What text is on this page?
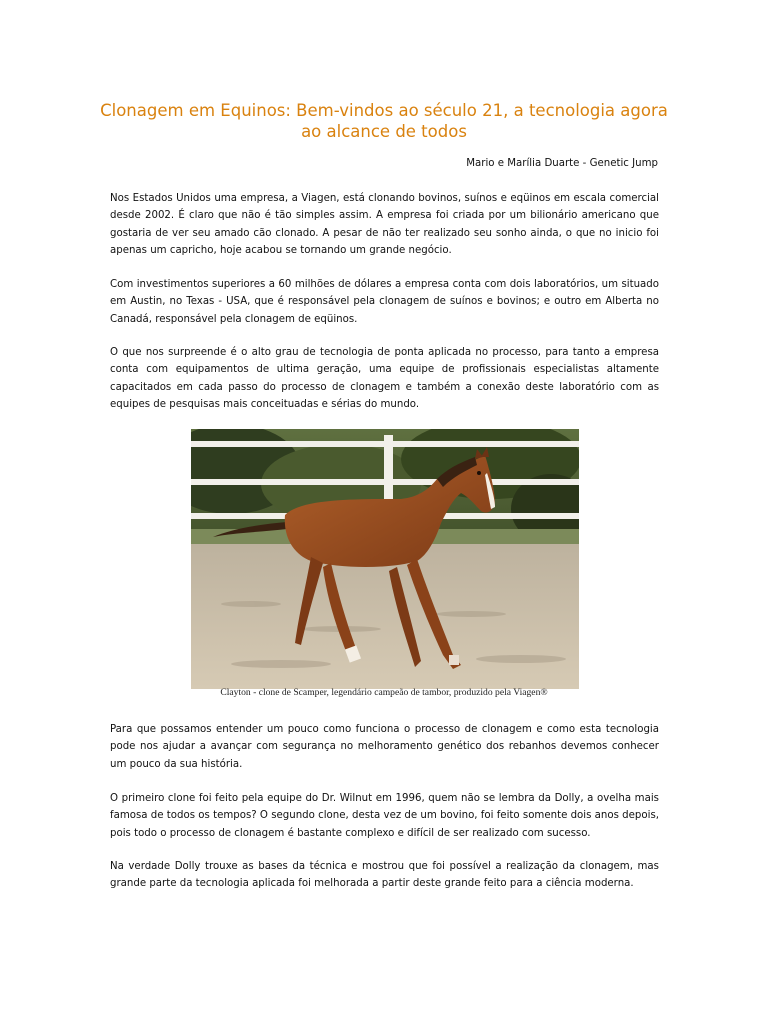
Clonagem em Equinos: Bem-vindos ao século 21, a tecnologia agora ao alcance de todos
Mario e Marília Duarte - Genetic Jump

Nos Estados Unidos uma empresa, a Viagen, está clonando bovinos, suínos e eqüinos em escala comercial desde 2002. É claro que não é tão simples assim. A empresa foi criada por um bilionário americano que gostaria de ver seu amado cão clonado. A pesar de não ter realizado seu sonho ainda, o que no inicio foi apenas um capricho, hoje acabou se tornando um grande negócio.

Com investimentos superiores a 60 milhões de dólares a empresa conta com dois laboratórios, um situado em Austin, no Texas - USA, que é responsável pela clonagem de suínos e bovinos; e outro em Alberta no Canadá, responsável pela clonagem de eqüinos.

O que nos surpreende é o alto grau de tecnologia de ponta aplicada no processo, para tanto a empresa conta com equipamentos de ultima geração, uma equipe de profissionais especialistas altamente capacitados em cada passo do processo de clonagem e também a conexão deste laboratório com as equipes de pesquisas mais conceituadas e sérias do mundo.

Clayton - clone de Scamper, legendário campeão de tambor, produzido pela Viagen®

Para que possamos entender um pouco como funciona o processo de clonagem e como esta tecnologia pode nos ajudar a avançar com segurança no melhoramento genético dos rebanhos devemos conhecer um pouco da sua história.

O primeiro clone foi feito pela equipe do Dr. Wilnut em 1996, quem não se lembra da Dolly, a ovelha mais famosa de todos os tempos? O segundo clone, desta vez de um bovino, foi feito somente dois anos depois, pois todo o processo de clonagem é bastante complexo e difícil de ser realizado com sucesso.

Na verdade Dolly trouxe as bases da técnica e mostrou que foi possível a realização da clonagem, mas grande parte da tecnologia aplicada foi melhorada a partir deste grande feito para a ciência moderna.
